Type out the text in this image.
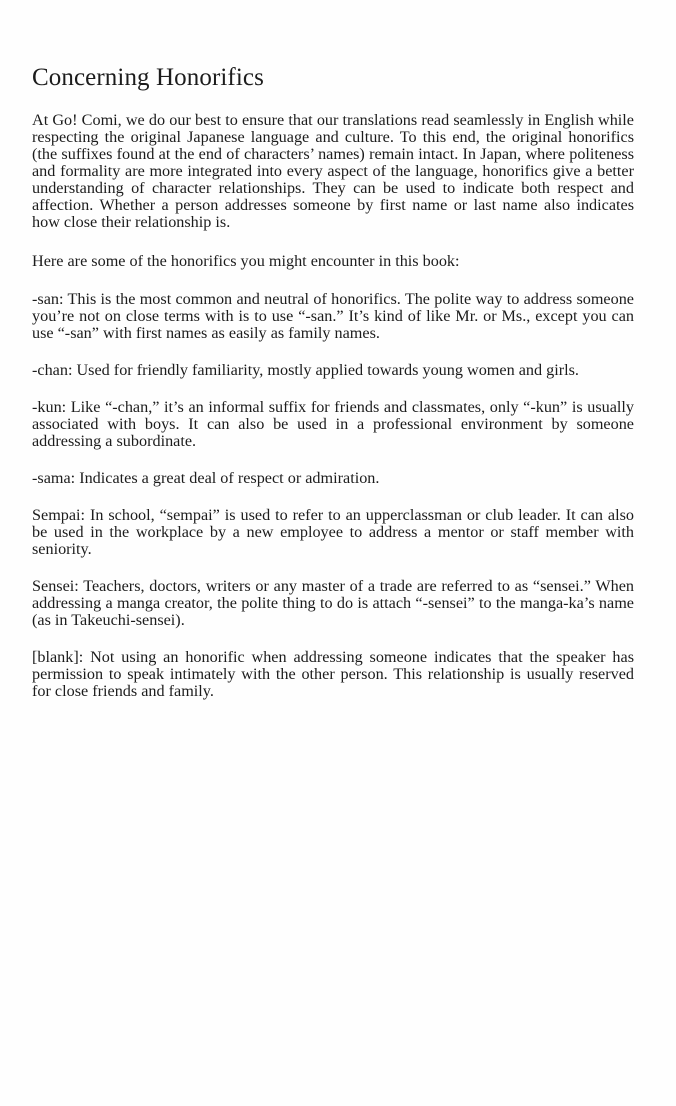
Concerning Honorifics

At Go! Comi, we do our best to ensure that our translations read seamlessly in English while respecting the original Japanese language and culture. To this end, the original honorifics (the suffixes found at the end of characters’ names) remain intact. In Japan, where politeness and formality are more integrated into every aspect of the language, honorifics give a better understanding of character relationships. They can be used to indicate both respect and affection. Whether a person addresses someone by first name or last name also indicates how close their relationship is.

Here are some of the honorifics you might encounter in this book:

-san: This is the most common and neutral of honorifics. The polite way to address someone you’re not on close terms with is to use “-san.” It’s kind of like Mr. or Ms., except you can use “-san” with first names as easily as family names.

-chan: Used for friendly familiarity, mostly applied towards young women and girls.

-kun: Like “-chan,” it’s an informal suffix for friends and classmates, only “-kun” is usually associated with boys. It can also be used in a professional environment by someone addressing a subordinate.

-sama: Indicates a great deal of respect or admiration.

Sempai: In school, “sempai” is used to refer to an upperclassman or club leader. It can also be used in the workplace by a new employee to address a mentor or staff member with seniority.

Sensei: Teachers, doctors, writers or any master of a trade are referred to as “sensei.” When addressing a manga creator, the polite thing to do is attach “-sensei” to the manga-ka’s name (as in Takeuchi-sensei).

[blank]: Not using an honorific when addressing someone indicates that the speaker has permission to speak intimately with the other person. This relationship is usually reserved for close friends and family.
